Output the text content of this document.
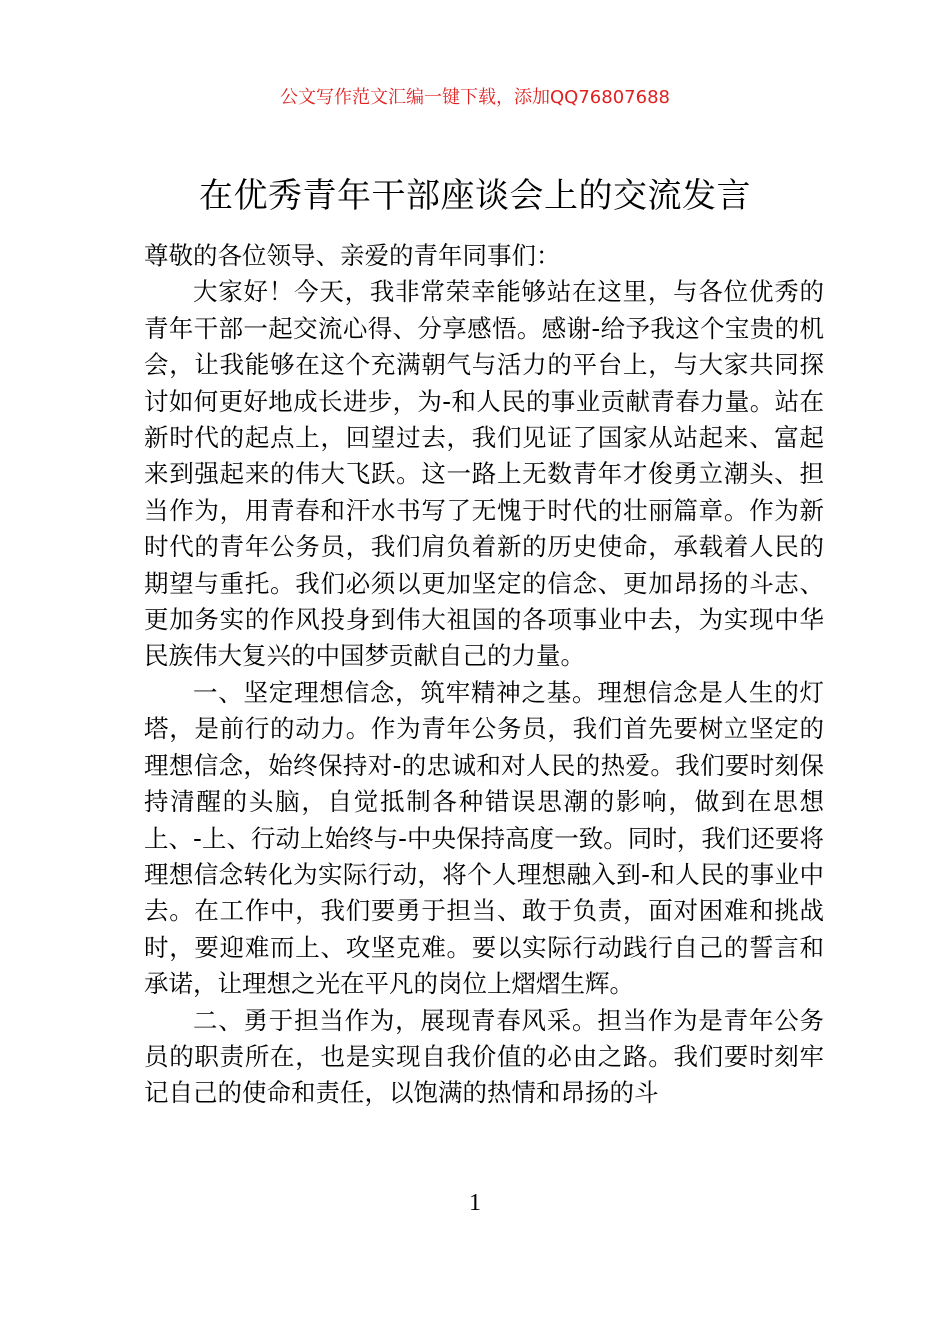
公文写作范文汇编一键下载，添加QQ76807688
在优秀青年干部座谈会上的交流发言

尊敬的各位领导、亲爱的青年同事们：

大家好！今天，我非常荣幸能够站在这里，与各位优秀的青年干部一起交流心得、分享感悟。感谢-给予我这个宝贵的机会，让我能够在这个充满朝气与活力的平台上，与大家共同探讨如何更好地成长进步，为-和人民的事业贡献青春力量。站在新时代的起点上，回望过去，我们见证了国家从站起来、富起来到强起来的伟大飞跃。这一路上无数青年才俊勇立潮头、担当作为，用青春和汗水书写了无愧于时代的壮丽篇章。作为新时代的青年公务员，我们肩负着新的历史使命，承载着人民的期望与重托。我们必须以更加坚定的信念、更加昂扬的斗志、更加务实的作风投身到伟大祖国的各项事业中去，为实现中华民族伟大复兴的中国梦贡献自己的力量。

一、坚定理想信念，筑牢精神之基。理想信念是人生的灯塔，是前行的动力。作为青年公务员，我们首先要树立坚定的理想信念，始终保持对-的忠诚和对人民的热爱。我们要时刻保持清醒的头脑，自觉抵制各种错误思潮的影响，做到在思想上、-上、行动上始终与-中央保持高度一致。同时，我们还要将理想信念转化为实际行动，将个人理想融入到-和人民的事业中去。在工作中，我们要勇于担当、敢于负责，面对困难和挑战时，要迎难而上、攻坚克难。要以实际行动践行自己的誓言和承诺，让理想之光在平凡的岗位上熠熠生辉。

二、勇于担当作为，展现青春风采。担当作为是青年公务员的职责所在，也是实现自我价值的必由之路。我们要时刻牢记自己的使命和责任，以饱满的热情和昂扬的斗

1
